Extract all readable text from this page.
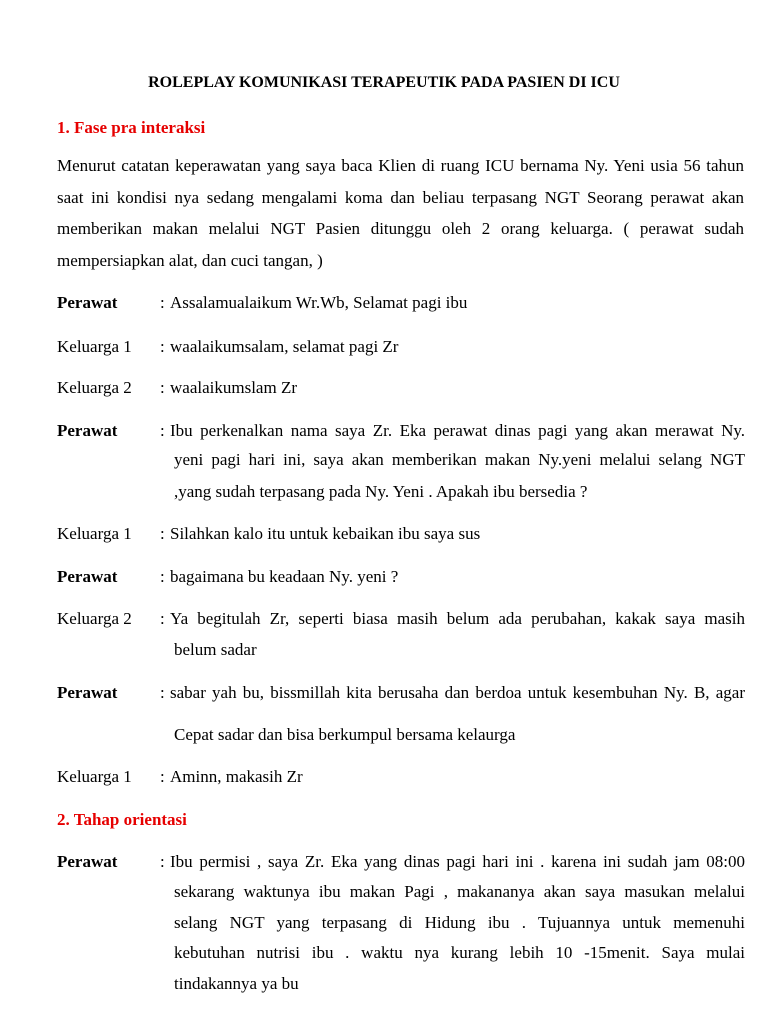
ROLEPLAY KOMUNIKASI TERAPEUTIK PADA PASIEN DI ICU
1. Fase pra interaksi
Menurut catatan keperawatan yang saya baca Klien di ruang ICU bernama Ny. Yeni usia 56 tahun
saat ini kondisi nya sedang mengalami koma dan beliau terpasang NGT Seorang perawat akan
memberikan makan melalui NGT Pasien ditunggu oleh 2 orang keluarga. ( perawat sudah
mempersiapkan alat, dan cuci tangan, )
Perawat	: Assalamualaikum Wr.Wb, Selamat pagi ibu
Keluarga 1 : waalaikumsalam, selamat pagi Zr
Keluarga 2 : waalaikumslam Zr
Perawat	: Ibu perkenalkan nama saya Zr. Eka perawat dinas pagi yang akan merawat Ny.
yeni pagi hari ini, saya akan memberikan makan Ny.yeni melalui selang NGT
,yang sudah terpasang pada Ny. Yeni . Apakah ibu bersedia ?
Keluarga 1 : Silahkan kalo itu untuk kebaikan ibu saya sus
Perawat	: bagaimana bu keadaan Ny. yeni ?
Keluarga 2 : Ya begitulah Zr, seperti biasa masih belum ada perubahan, kakak saya masih
belum sadar
Perawat	: sabar yah bu, bissmillah kita berusaha dan berdoa untuk kesembuhan Ny. B, agar
Cepat sadar dan bisa berkumpul bersama kelaurga
Keluarga 1 : Aminn, makasih Zr
2. Tahap orientasi
Perawat	: Ibu permisi , saya Zr. Eka yang dinas pagi hari ini . karena ini sudah jam 08:00
sekarang waktunya ibu makan Pagi , makananya akan saya masukan melalui
selang NGT yang terpasang di Hidung ibu . Tujuannya untuk memenuhi
kebutuhan nutrisi ibu . waktu nya kurang lebih 10 -15menit. Saya mulai
tindakannya ya bu
